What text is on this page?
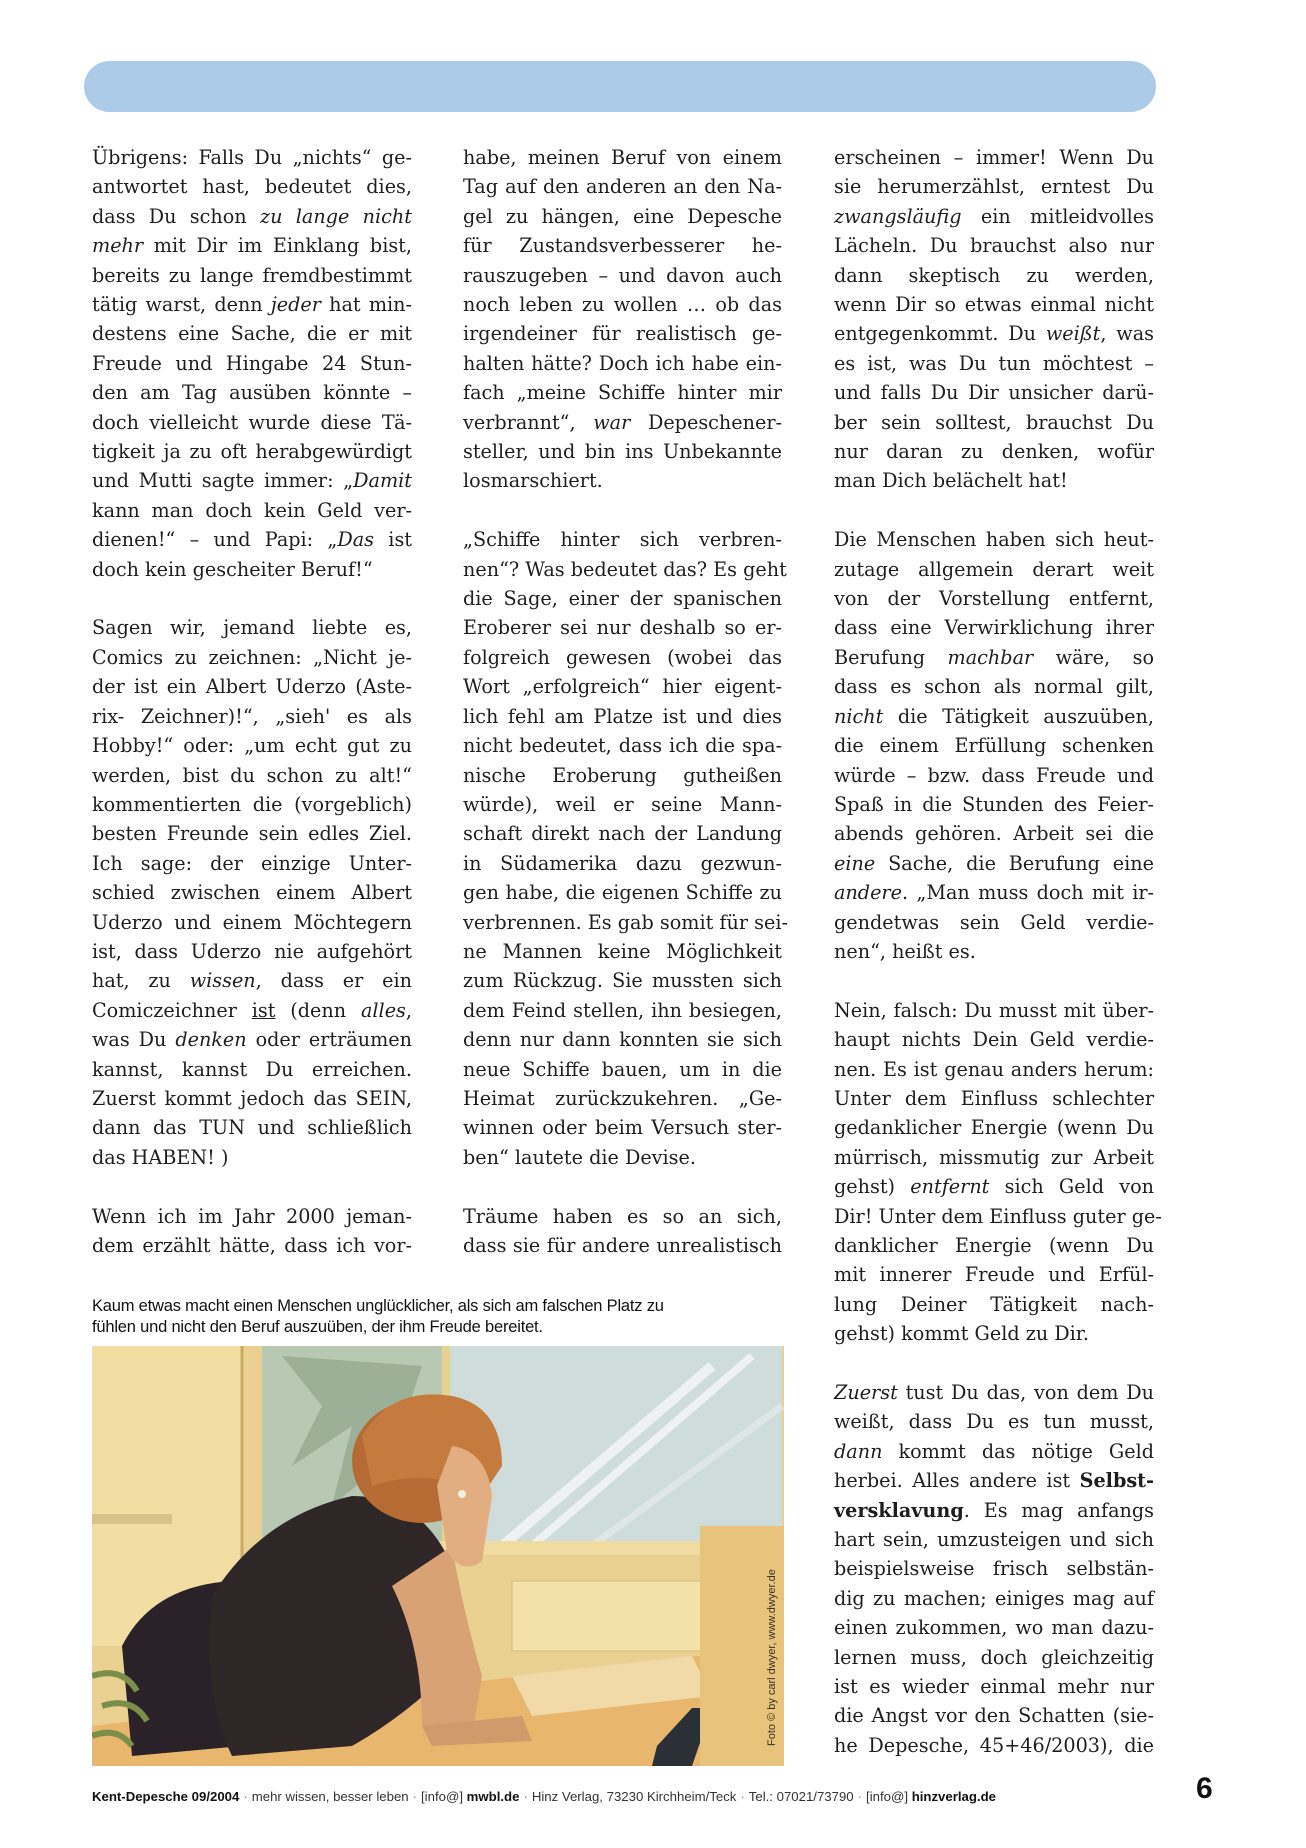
Übrigens: Falls Du „nichts“ ge-
antwortet hast, bedeutet dies,
dass Du schon zu lange nicht
mehr mit Dir im Einklang bist,
bereits zu lange fremdbestimmt
tätig warst, denn jeder hat min-
destens eine Sache, die er mit
Freude und Hingabe 24 Stun-
den am Tag ausüben könnte –
doch vielleicht wurde diese Tä-
tigkeit ja zu oft herabgewürdigt
und Mutti sagte immer: „Damit
kann man doch kein Geld ver-
dienen!“ – und Papi: „Das ist
doch kein gescheiter Beruf!“
Sagen wir, jemand liebte es,
Comics zu zeichnen: „Nicht je-
der ist ein Albert Uderzo (Aste-
rix- Zeichner)!“, „sieh' es als
Hobby!“ oder: „um echt gut zu
werden, bist du schon zu alt!“
kommentierten die (vorgeblich)
besten Freunde sein edles Ziel.
Ich sage: der einzige Unter-
schied zwischen einem Albert
Uderzo und einem Möchtegern
ist, dass Uderzo nie aufgehört
hat, zu wissen, dass er ein
Comiczeichner ist (denn alles,
was Du denken oder erträumen
kannst, kannst Du erreichen.
Zuerst kommt jedoch das SEIN,
dann das TUN und schließlich
das HABEN! )
Wenn ich im Jahr 2000 jeman-
dem erzählt hätte, dass ich vor-
habe, meinen Beruf von einem
Tag auf den anderen an den Na-
gel zu hängen, eine Depesche
für Zustandsverbesserer he-
rauszugeben – und davon auch
noch leben zu wollen … ob das
irgendeiner für realistisch ge-
halten hätte? Doch ich habe ein-
fach „meine Schiffe hinter mir
verbrannt“, war Depeschener-
steller, und bin ins Unbekannte
losmarschiert.
„Schiffe hinter sich verbren-
nen“? Was bedeutet das? Es geht
die Sage, einer der spanischen
Eroberer sei nur deshalb so er-
folgreich gewesen (wobei das
Wort „erfolgreich“ hier eigent-
lich fehl am Platze ist und dies
nicht bedeutet, dass ich die spa-
nische Eroberung gutheißen
würde), weil er seine Mann-
schaft direkt nach der Landung
in Südamerika dazu gezwun-
gen habe, die eigenen Schiffe zu
verbrennen. Es gab somit für sei-
ne Mannen keine Möglichkeit
zum Rückzug. Sie mussten sich
dem Feind stellen, ihn besiegen,
denn nur dann konnten sie sich
neue Schiffe bauen, um in die
Heimat zurückzukehren. „Ge-
winnen oder beim Versuch ster-
ben“ lautete die Devise.
Träume haben es so an sich,
dass sie für andere unrealistisch
erscheinen – immer! Wenn Du
sie herumerzählst, erntest Du
zwangsläufig ein mitleidvolles
Lächeln. Du brauchst also nur
dann skeptisch zu werden,
wenn Dir so etwas einmal nicht
entgegenkommt. Du weißt, was
es ist, was Du tun möchtest –
und falls Du Dir unsicher darü-
ber sein solltest, brauchst Du
nur daran zu denken, wofür
man Dich belächelt hat!
Die Menschen haben sich heut-
zutage allgemein derart weit
von der Vorstellung entfernt,
dass eine Verwirklichung ihrer
Berufung machbar wäre, so
dass es schon als normal gilt,
nicht die Tätigkeit auszuüben,
die einem Erfüllung schenken
würde – bzw. dass Freude und
Spaß in die Stunden des Feier-
abends gehören. Arbeit sei die
eine Sache, die Berufung eine
andere. „Man muss doch mit ir-
gendetwas sein Geld verdie-
nen“, heißt es.
Nein, falsch: Du musst mit über-
haupt nichts Dein Geld verdie-
nen. Es ist genau anders herum:
Unter dem Einfluss schlechter
gedanklicher Energie (wenn Du
mürrisch, missmutig zur Arbeit
gehst) entfernt sich Geld von
Dir! Unter dem Einfluss guter ge-
danklicher Energie (wenn Du
mit innerer Freude und Erfül-
lung Deiner Tätigkeit nach-
gehst) kommt Geld zu Dir.
Zuerst tust Du das, von dem Du
weißt, dass Du es tun musst,
dann kommt das nötige Geld
herbei. Alles andere ist Selbst-
versklavung. Es mag anfangs
hart sein, umzusteigen und sich
beispielsweise frisch selbstän-
dig zu machen; einiges mag auf
einen zukommen, wo man dazu-
lernen muss, doch gleichzeitig
ist es wieder einmal mehr nur
die Angst vor den Schatten (sie-
he Depesche, 45+46/2003), die
Kaum etwas macht einen Menschen unglücklicher, als sich am falschen Platz zu
fühlen und nicht den Beruf auszuüben, der ihm Freude bereitet.
Foto © by carl dwyer, www.dwyer.de
Kent-Depesche 09/2004 · mehr wissen, besser leben · [info@] mwbl.de · Hinz Verlag, 73230 Kirchheim/Teck · Tel.: 07021/73790 · [info@] hinzverlag.de	6
